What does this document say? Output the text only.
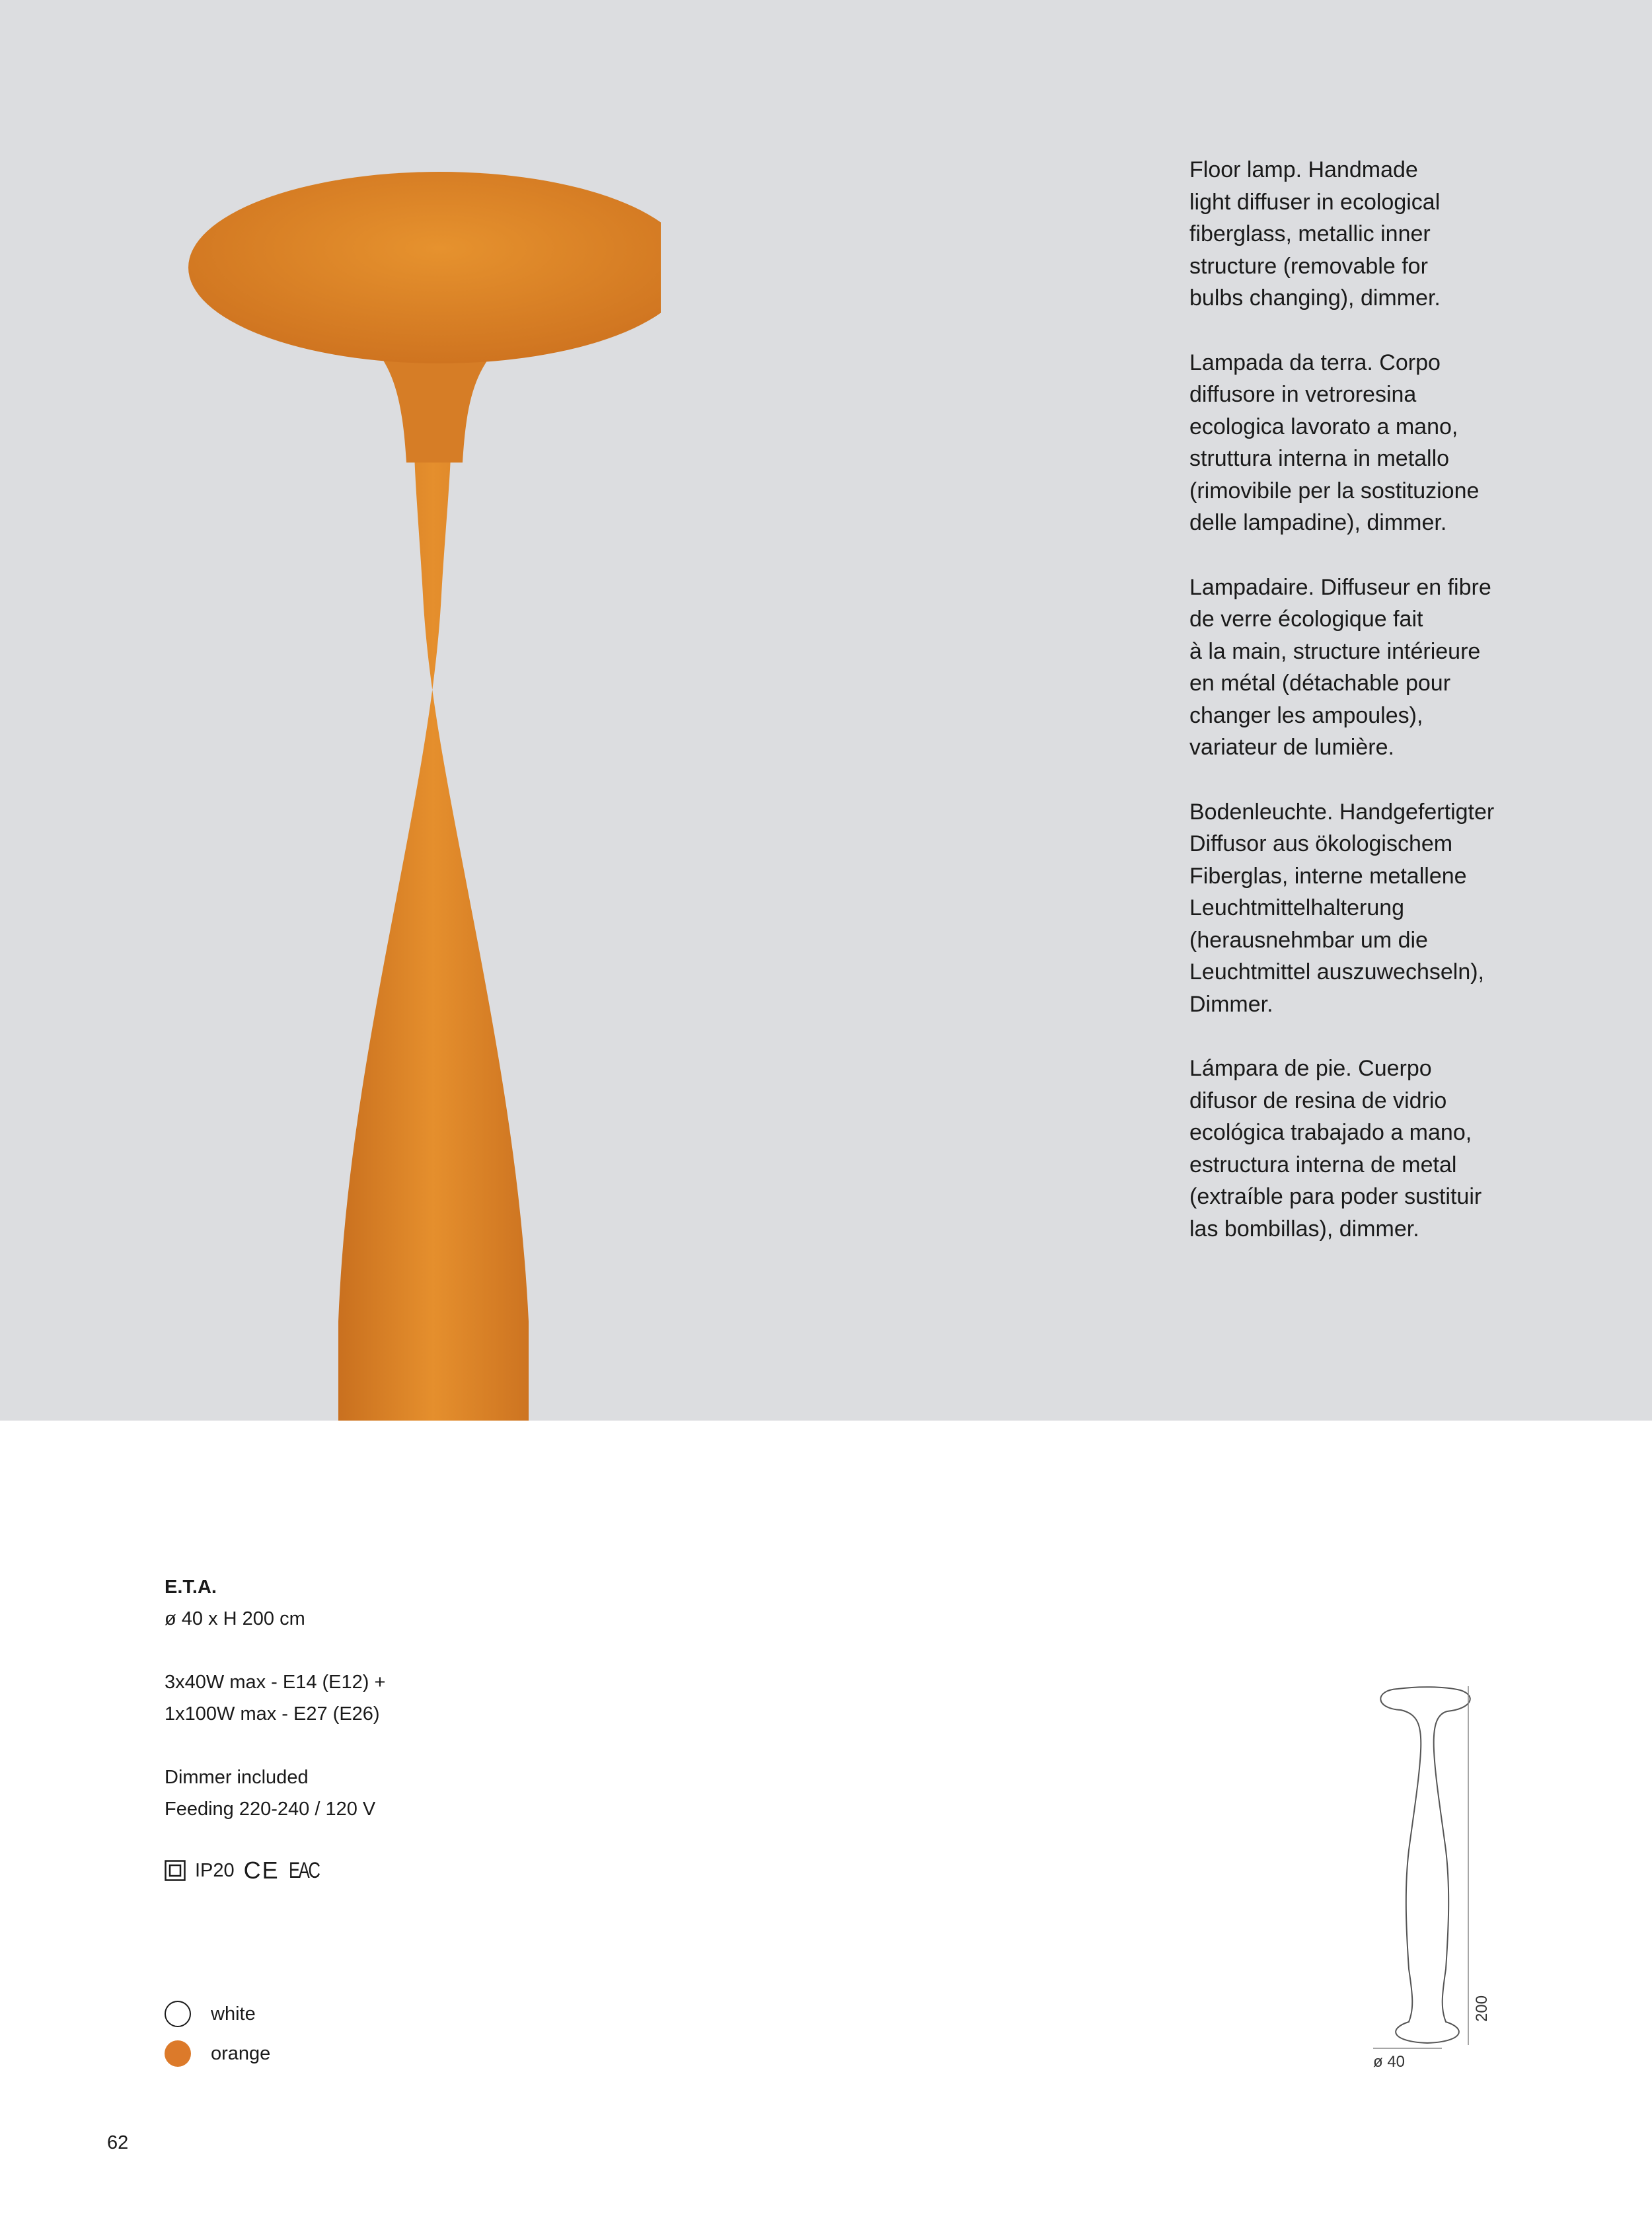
Floor lamp. Handmade
light diffuser in ecological
fiberglass, metallic inner
structure (removable for
bulbs changing), dimmer.

Lampada da terra. Corpo
diffusore in vetroresina
ecologica lavorato a mano,
struttura interna in metallo
(rimovibile per la sostituzione
delle lampadine), dimmer.

Lampadaire. Diffuseur en fibre
de verre écologique fait
à la main, structure intérieure
en métal (détachable pour
changer les ampoules),
variateur de lumière.

Bodenleuchte. Handgefertigter
Diffusor aus ökologischem
Fiberglas, interne metallene
Leuchtmittelhalterung
(herausnehmbar um die
Leuchtmittel auszuwechseln),
Dimmer.

Lámpara de pie. Cuerpo
difusor de resina de vidrio
ecológica trabajado a mano,
estructura interna de metal
(extraíble para poder sustituir
las bombillas), dimmer.

E.T.A.
ø 40 x H 200 cm
3x40W max - E14 (E12) +
1x100W max - E27 (E26)
Dimmer included
Feeding 220-240 / 120 V
IP20 CE EAC
white
orange
200
ø 40
62
